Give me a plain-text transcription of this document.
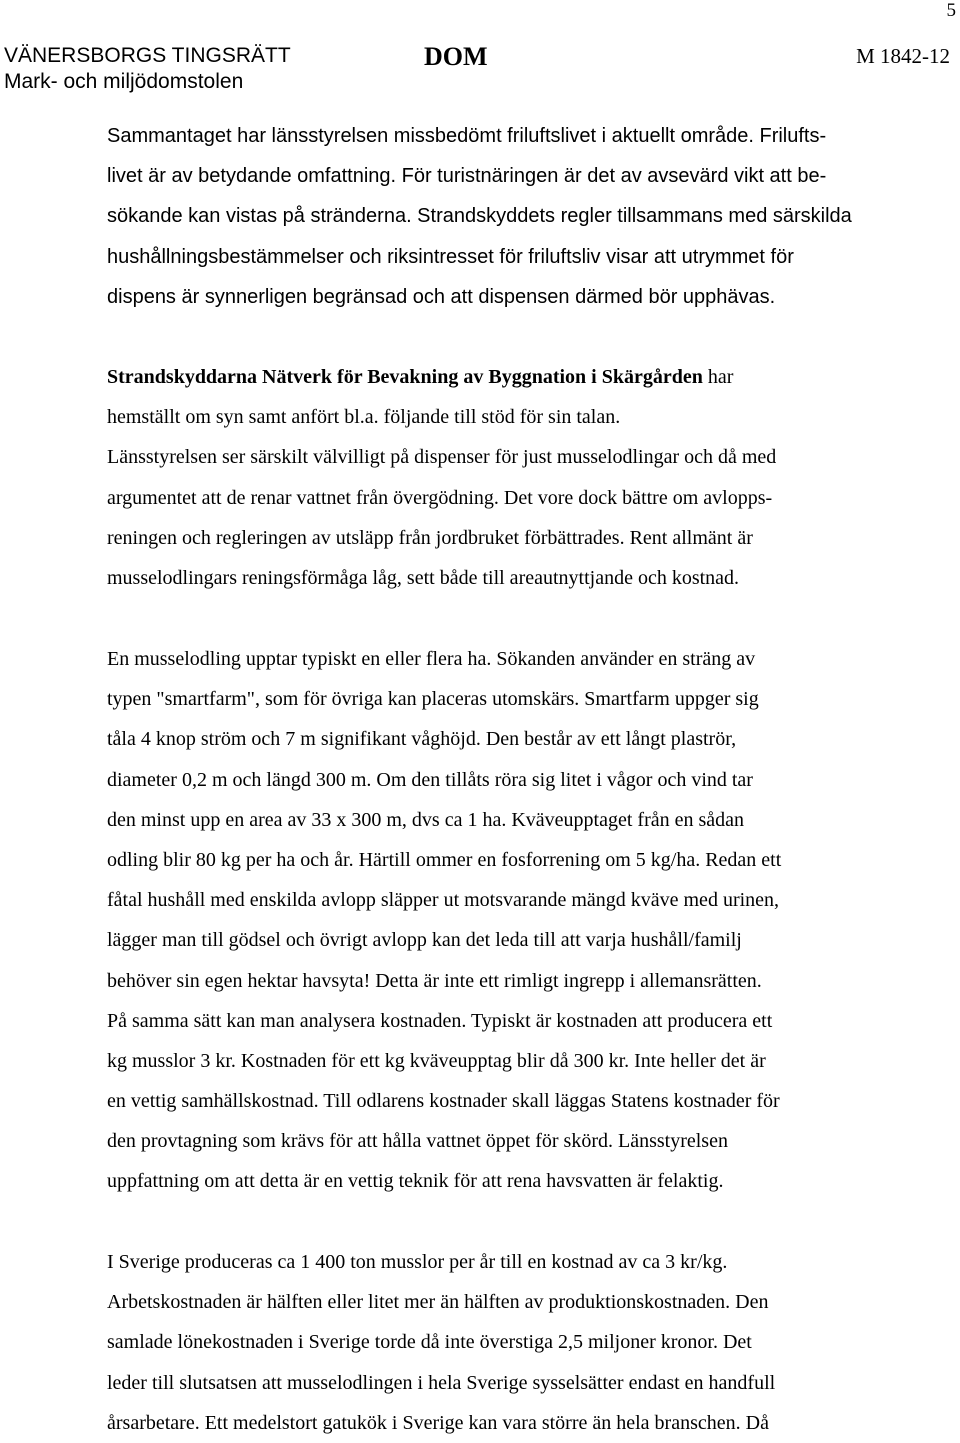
5
VÄNERSBORGS TINGSRÄTT
Mark- och miljödomstolen
DOM	M 1842-12
Sammantaget har länsstyrelsen missbedömt friluftslivet i aktuellt område. Frilufts-
livet är av betydande omfattning. För turistnäringen är det av avsevärd vikt att be-
sökande kan vistas på stränderna. Strandskyddets regler tillsammans med särskilda
hushållningsbestämmelser och riksintresset för friluftsliv visar att utrymmet för
dispens är synnerligen begränsad och att dispensen därmed bör upphävas.
Strandskyddarna Nätverk för Bevakning av Byggnation i Skärgården har
hemställt om syn samt anfört bl.a. följande till stöd för sin talan.
Länsstyrelsen ser särskilt välvilligt på dispenser för just musselodlingar och då med
argumentet att de renar vattnet från övergödning. Det vore dock bättre om avlopps-
reningen och regleringen av utsläpp från jordbruket förbättrades. Rent allmänt är
musselodlingars reningsförmåga låg, sett både till areautnyttjande och kostnad.
En musselodling upptar typiskt en eller flera ha. Sökanden använder en sträng av
typen "smartfarm", som för övriga kan placeras utomskärs. Smartfarm uppger sig
tåla 4 knop ström och 7 m signifikant våghöjd. Den består av ett långt plaströr,
diameter 0,2 m och längd 300 m. Om den tillåts röra sig litet i vågor och vind tar
den minst upp en area av 33 x 300 m, dvs ca 1 ha. Kväveupptaget från en sådan
odling blir 80 kg per ha och år. Härtill ommer en fosforrening om 5 kg/ha. Redan ett
fåtal hushåll med enskilda avlopp släpper ut motsvarande mängd kväve med urinen,
lägger man till gödsel och övrigt avlopp kan det leda till att varja hushåll/familj
behöver sin egen hektar havsyta! Detta är inte ett rimligt ingrepp i allemansrätten.
På samma sätt kan man analysera kostnaden. Typiskt är kostnaden att producera ett
kg musslor 3 kr. Kostnaden för ett kg kväveupptag blir då 300 kr. Inte heller det är
en vettig samhällskostnad. Till odlarens kostnader skall läggas Statens kostnader för
den provtagning som krävs för att hålla vattnet öppet för skörd. Länsstyrelsen
uppfattning om att detta är en vettig teknik för att rena havsvatten är felaktig.
I Sverige produceras ca 1 400 ton musslor per år till en kostnad av ca 3 kr/kg.
Arbetskostnaden är hälften eller litet mer än hälften av produktionskostnaden. Den
samlade lönekostnaden i Sverige torde då inte överstiga 2,5 miljoner kronor. Det
leder till slutsatsen att musselodlingen i hela Sverige sysselsätter endast en handfull
årsarbetare. Ett medelstort gatukök i Sverige kan vara större än hela branschen. Då
